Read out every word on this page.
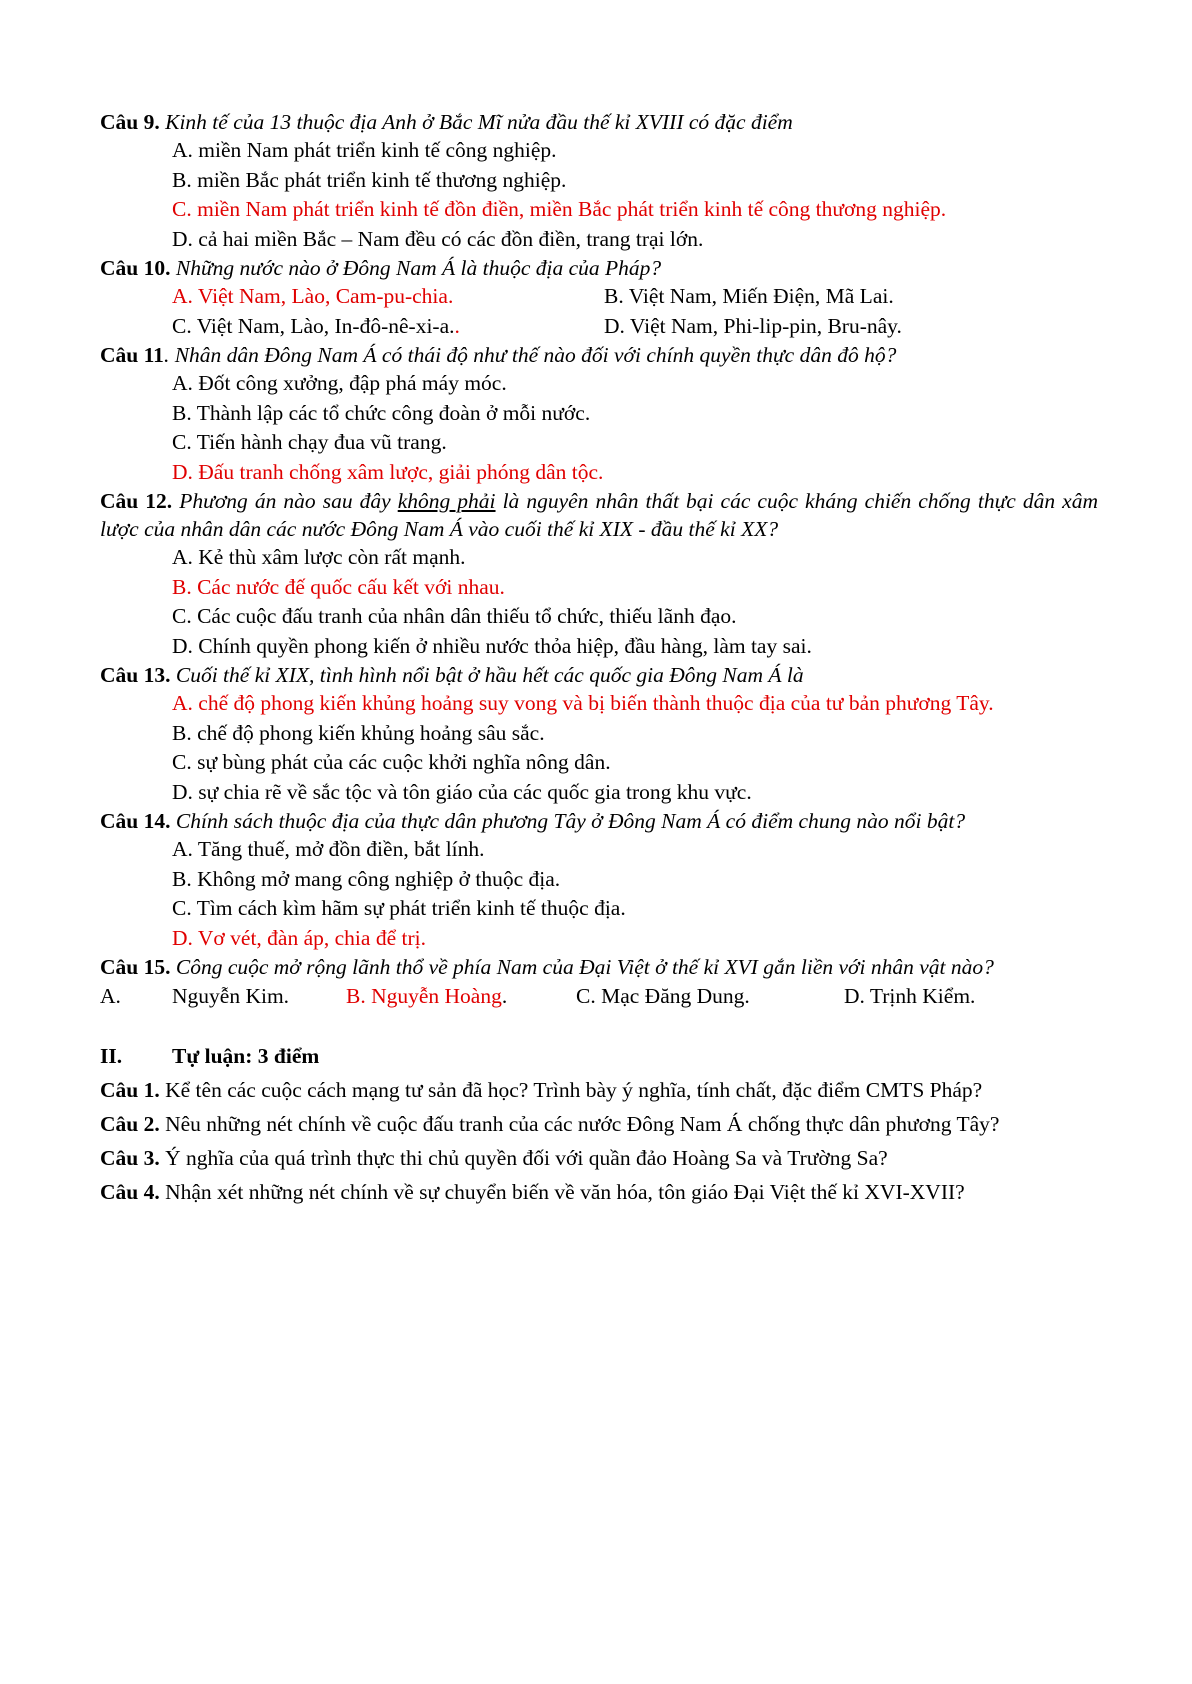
Câu 9. Kinh tế của 13 thuộc địa Anh ở Bắc Mĩ nửa đầu thế kỉ XVIII có đặc điểm
A. miền Nam phát triển kinh tế công nghiệp.
B. miền Bắc phát triển kinh tế thương nghiệp.
C. miền Nam phát triển kinh tế đồn điền, miền Bắc phát triển kinh tế công thương nghiệp.
D. cả hai miền Bắc – Nam đều có các đồn điền, trang trại lớn.
Câu 10. Những nước nào ở Đông Nam Á là thuộc địa của Pháp?
A. Việt Nam, Lào, Cam-pu-chia.	B. Việt Nam, Miến Điện, Mã Lai.
C. Việt Nam, Lào, In-đô-nê-xi-a..	D. Việt Nam, Phi-lip-pin, Bru-nây.
Câu 11. Nhân dân Đông Nam Á có thái độ như thế nào đối với chính quyền thực dân đô hộ?
A. Đốt công xưởng, đập phá máy móc.
B. Thành lập các tổ chức công đoàn ở mỗi nước.
C. Tiến hành chạy đua vũ trang.
D. Đấu tranh chống xâm lược, giải phóng dân tộc.
Câu 12. Phương án nào sau đây không phải là nguyên nhân thất bại các cuộc kháng chiến chống thực dân xâm lược của nhân dân các nước Đông Nam Á vào cuối thế kỉ XIX - đầu thế kỉ XX?
A. Kẻ thù xâm lược còn rất mạnh.
B. Các nước đế quốc cấu kết với nhau.
C. Các cuộc đấu tranh của nhân dân thiếu tổ chức, thiếu lãnh đạo.
D. Chính quyền phong kiến ở nhiều nước thỏa hiệp, đầu hàng, làm tay sai.
Câu 13. Cuối thế kỉ XIX, tình hình nổi bật ở hầu hết các quốc gia Đông Nam Á là
A. chế độ phong kiến khủng hoảng suy vong và bị biến thành thuộc địa của tư bản phương Tây.
B. chế độ phong kiến khủng hoảng sâu sắc.
C. sự bùng phát của các cuộc khởi nghĩa nông dân.
D. sự chia rẽ về sắc tộc và tôn giáo của các quốc gia trong khu vực.
Câu 14. Chính sách thuộc địa của thực dân phương Tây ở Đông Nam Á có điểm chung nào nổi bật?
A. Tăng thuế, mở đồn điền, bắt lính.
B. Không mở mang công nghiệp ở thuộc địa.
C. Tìm cách kìm hãm sự phát triển kinh tế thuộc địa.
D. Vơ vét, đàn áp, chia để trị.
Câu 15. Công cuộc mở rộng lãnh thổ về phía Nam của Đại Việt ở thế kỉ XVI gắn liền với nhân vật nào?
A.	Nguyễn Kim.	B. Nguyễn Hoàng.	C. Mạc Đăng Dung.	D. Trịnh Kiểm.
II.	Tự luận: 3 điểm
Câu 1. Kể tên các cuộc cách mạng tư sản đã học? Trình bày ý nghĩa, tính chất, đặc điểm CMTS Pháp?
Câu 2. Nêu những nét chính về cuộc đấu tranh của các nước Đông Nam Á chống thực dân phương Tây?
Câu 3. Ý nghĩa của quá trình thực thi chủ quyền đối với quần đảo Hoàng Sa và Trường Sa?
Câu 4. Nhận xét những nét chính về sự chuyển biến về văn hóa, tôn giáo Đại Việt thế kỉ XVI-XVII?
